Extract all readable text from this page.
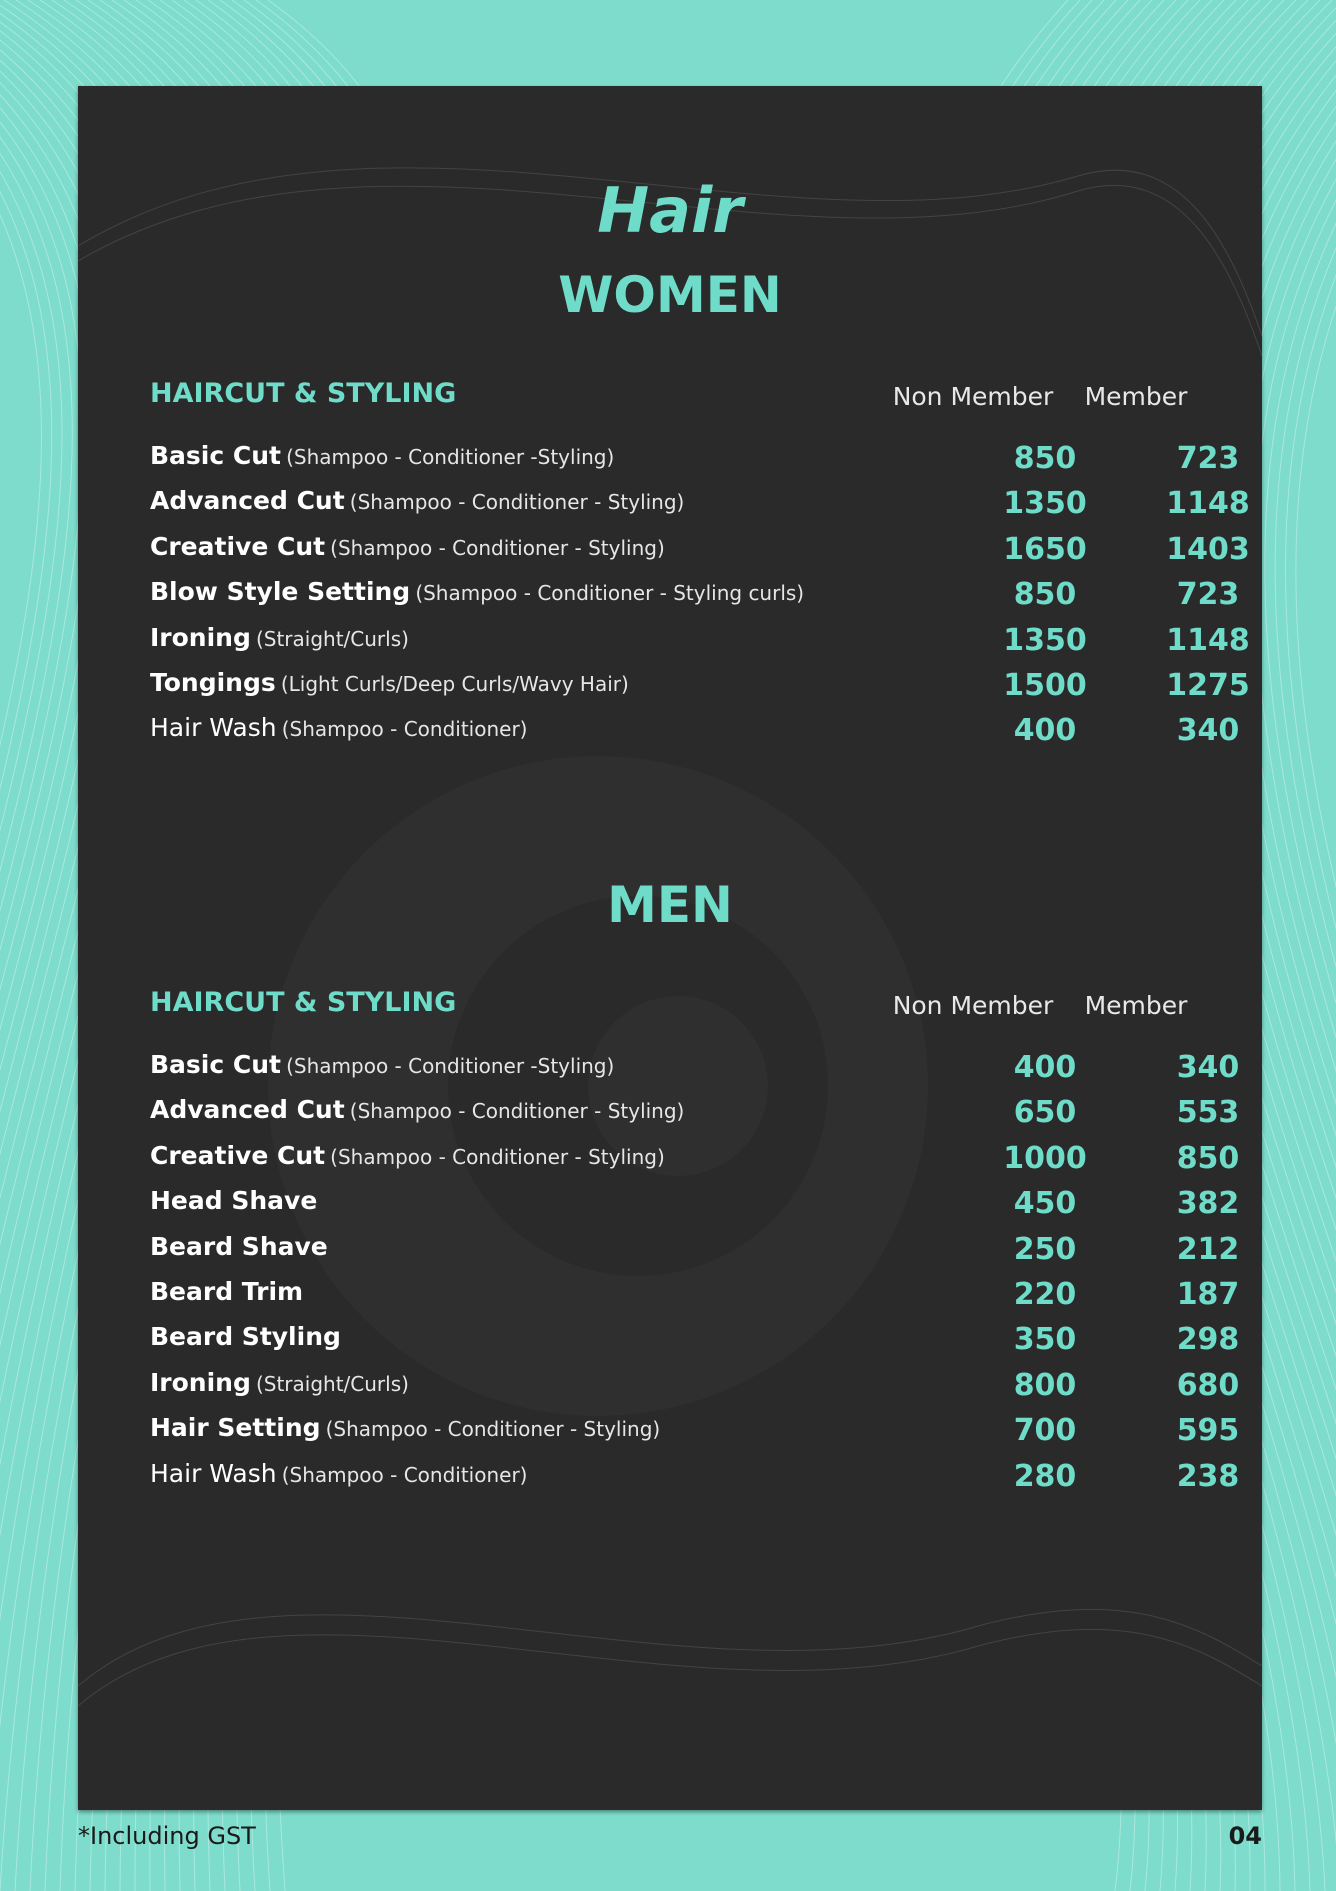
Hair
WOMEN
HAIRCUT & STYLING	Non Member	Member
Basic Cut (Shampoo - Conditioner -Styling)	850	723
Advanced Cut (Shampoo - Conditioner - Styling)	1350	1148
Creative Cut (Shampoo - Conditioner - Styling)	1650	1403
Blow Style Setting (Shampoo - Conditioner - Styling curls)	850	723
Ironing (Straight/Curls)	1350	1148
Tongings (Light Curls/Deep Curls/Wavy Hair)	1500	1275
Hair Wash (Shampoo - Conditioner)	400	340
MEN
HAIRCUT & STYLING	Non Member	Member
Basic Cut (Shampoo - Conditioner -Styling)	400	340
Advanced Cut (Shampoo - Conditioner - Styling)	650	553
Creative Cut (Shampoo - Conditioner - Styling)	1000	850
Head Shave	450	382
Beard Shave	250	212
Beard Trim	220	187
Beard Styling	350	298
Ironing (Straight/Curls)	800	680
Hair Setting (Shampoo - Conditioner - Styling)	700	595
Hair Wash (Shampoo - Conditioner)	280	238
*Including GST	04
